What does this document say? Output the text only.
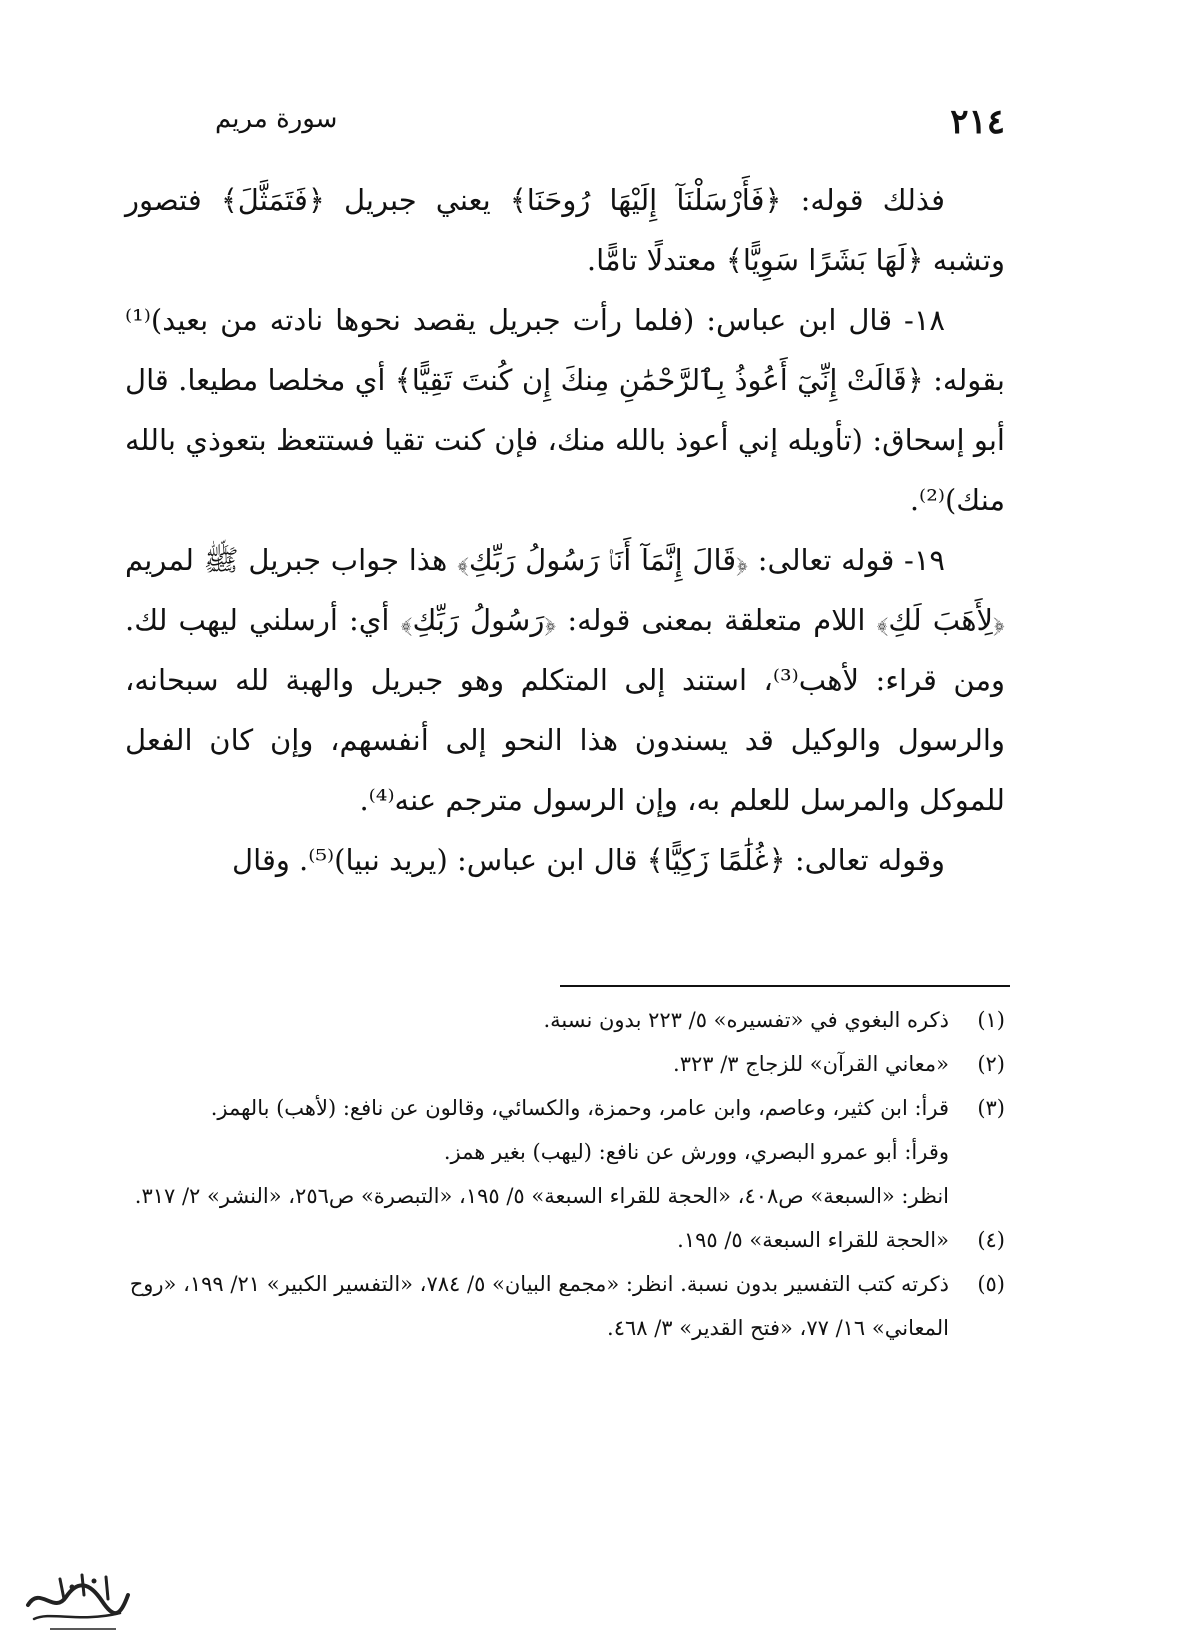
٢١٤
سورة مريم

فذلك قوله: ﴿فَأَرْسَلْنَآ إِلَيْهَا رُوحَنَا﴾ يعني جبريل ﴿فَتَمَثَّلَ﴾ فتصور وتشبه ﴿لَهَا بَشَرًا سَوِيًّا﴾ معتدلًا تامًّا.

١٨- قال ابن عباس: (فلما رأت جبريل يقصد نحوها نادته من بعيد)⁽¹⁾ بقوله: ﴿قَالَتْ إِنِّيٓ أَعُوذُ بِٱلرَّحْمَٰنِ مِنكَ إِن كُنتَ تَقِيًّا﴾ أي مخلصا مطيعا. قال أبو إسحاق: (تأويله إني أعوذ بالله منك، فإن كنت تقيا فستتعظ بتعوذي بالله منك)⁽²⁾.

١٩- قوله تعالى: ﴿قَالَ إِنَّمَآ أَنَا۠ رَسُولُ رَبِّكِ﴾ هذا جواب جبريل ﷺ لمريم ﴿لِأَهَبَ لَكِ﴾ اللام متعلقة بمعنى قوله: ﴿رَسُولُ رَبِّكِ﴾ أي: أرسلني ليهب لك. ومن قراء: لأهب⁽³⁾، استند إلى المتكلم وهو جبريل والهبة لله سبحانه، والرسول والوكيل قد يسندون هذا النحو إلى أنفسهم، وإن كان الفعل للموكل والمرسل للعلم به، وإن الرسول مترجم عنه⁽⁴⁾.

وقوله تعالى: ﴿غُلَٰمًا زَكِيًّا﴾ قال ابن عباس: (يريد نبيا)⁽⁵⁾. وقال

(١)
ذكره البغوي في «تفسيره» ٥/ ٢٢٣ بدون نسبة.
(٢)
«معاني القرآن» للزجاج ٣/ ٣٢٣.
(٣)
قرأ: ابن كثير، وعاصم، وابن عامر، وحمزة، والكسائي، وقالون عن نافع: (لأهب) بالهمز.
وقرأ: أبو عمرو البصري، وورش عن نافع: (ليهب) بغير همز.
انظر: «السبعة» ص٤٠٨، «الحجة للقراء السبعة» ٥/ ١٩٥، «التبصرة» ص٢٥٦، «النشر» ٢/ ٣١٧.
(٤)
«الحجة للقراء السبعة» ٥/ ١٩٥.
(٥)
ذكرته كتب التفسير بدون نسبة. انظر: «مجمع البيان» ٥/ ٧٨٤، «التفسير الكبير» ٢١/ ١٩٩، «روح المعاني» ١٦/ ٧٧، «فتح القدير» ٣/ ٤٦٨.
